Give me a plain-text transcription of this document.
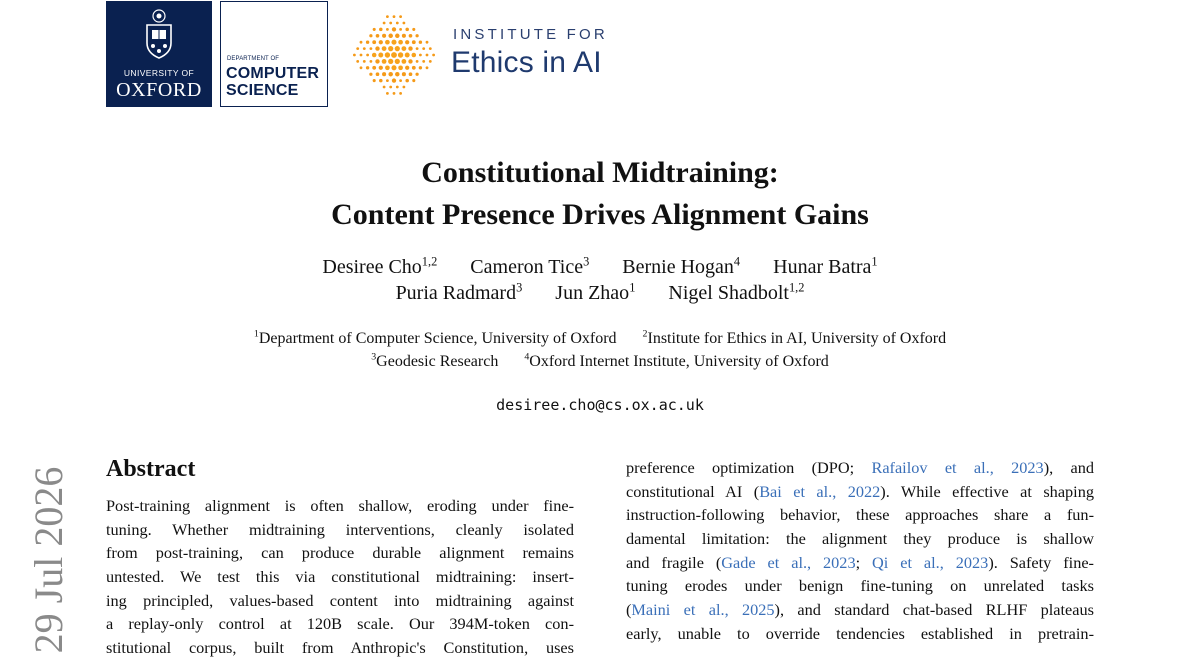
UNIVERSITY OF
OXFORD
DEPARTMENT OF
COMPUTER
SCIENCE
INSTITUTE FOR
Ethics in AI
Constitutional Midtraining:
Content Presence Drives Alignment Gains
Desiree Cho$^{1,2}$ Cameron Tice$^3$ Bernie Hogan$^4$ Hunar Batra$^1$
Puria Radmard$^3$ Jun Zhao$^1$ Nigel Shadbolt$^{1,2}$
$^1$Department of Computer Science, University of Oxford	$^2$Institute for Ethics in AI, University of Oxford
$^3$Geodesic Research	$^4$Oxford Internet Institute, University of Oxford
desiree.cho@cs.ox.ac.uk
29 Jul 2026 Abstract
Post-training alignment is often shallow, eroding under fine-
tuning. Whether midtraining interventions, cleanly isolated
from post-training, can produce durable alignment remains
untested. We test this via constitutional midtraining: insert-
ing principled, values-based content into midtraining against
a replay-only control at 120B scale. Our 394M-token con-
stitutional corpus, built from Anthropic's Constitution, uses
preference optimization (DPO; Rafailov et al., 2023), and
constitutional AI (Bai et al., 2022). While effective at shaping
instruction-following behavior, these approaches share a fun-
damental limitation: the alignment they produce is shallow
and fragile (Gade et al., 2023; Qi et al., 2023). Safety fine-
tuning erodes under benign fine-tuning on unrelated tasks
(Maini et al., 2025), and standard chat-based RLHF plateaus
early, unable to override tendencies established in pretrain-
